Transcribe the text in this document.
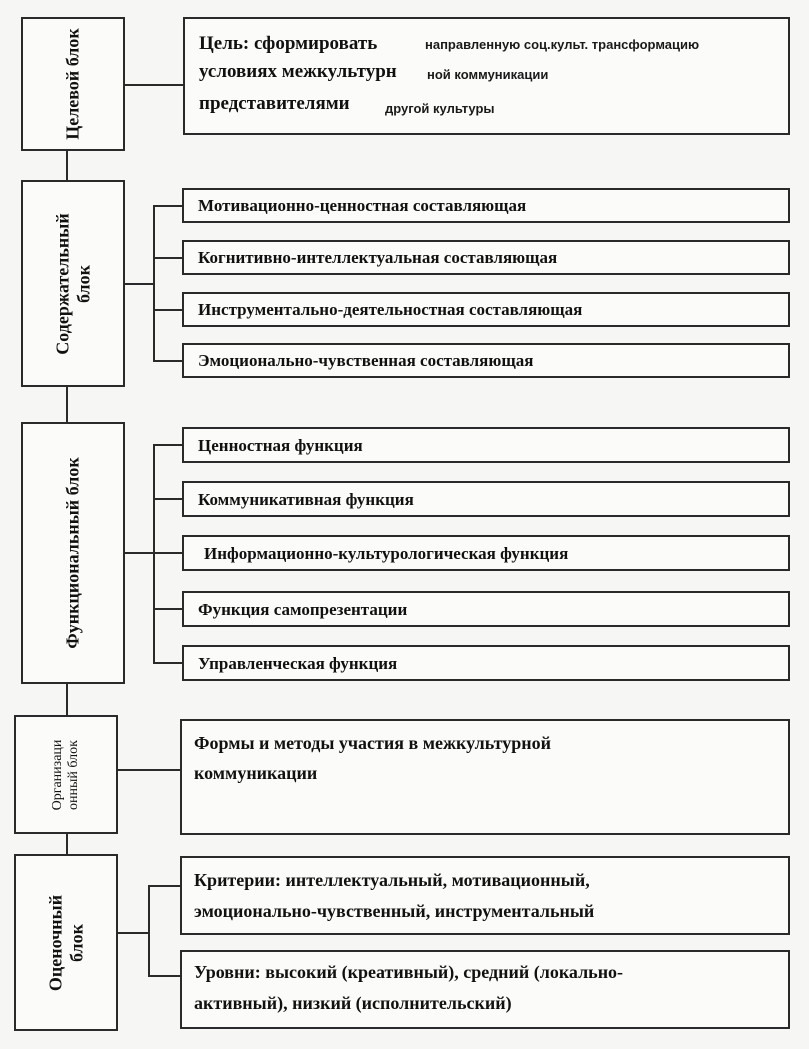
Целевой блок	Цель: сформировать	направленную соц.культ. трансформацию
условиях межкультурн ной коммуникации
представителями	другой культуры
Содержательный
блок
Мотивационно-ценностная составляющая
Когнитивно-интеллектуальная составляющая
Инструментально-деятельностная составляющая
Эмоционально-чувственная составляющая
Функциональный блок
Ценностная функция
Коммуникативная функция
Информационно-культурологическая функция
Функция самопрезентации
Управленческая функция
Организаци
онный блок	Формы и методы участия в межкультурной
коммуникации
Оценочный
блок
Критерии: интеллектуальный, мотивационный,
эмоционально-чувственный, инструментальный
Уровни: высокий (креативный), средний (локально-
активный), низкий (исполнительский)
